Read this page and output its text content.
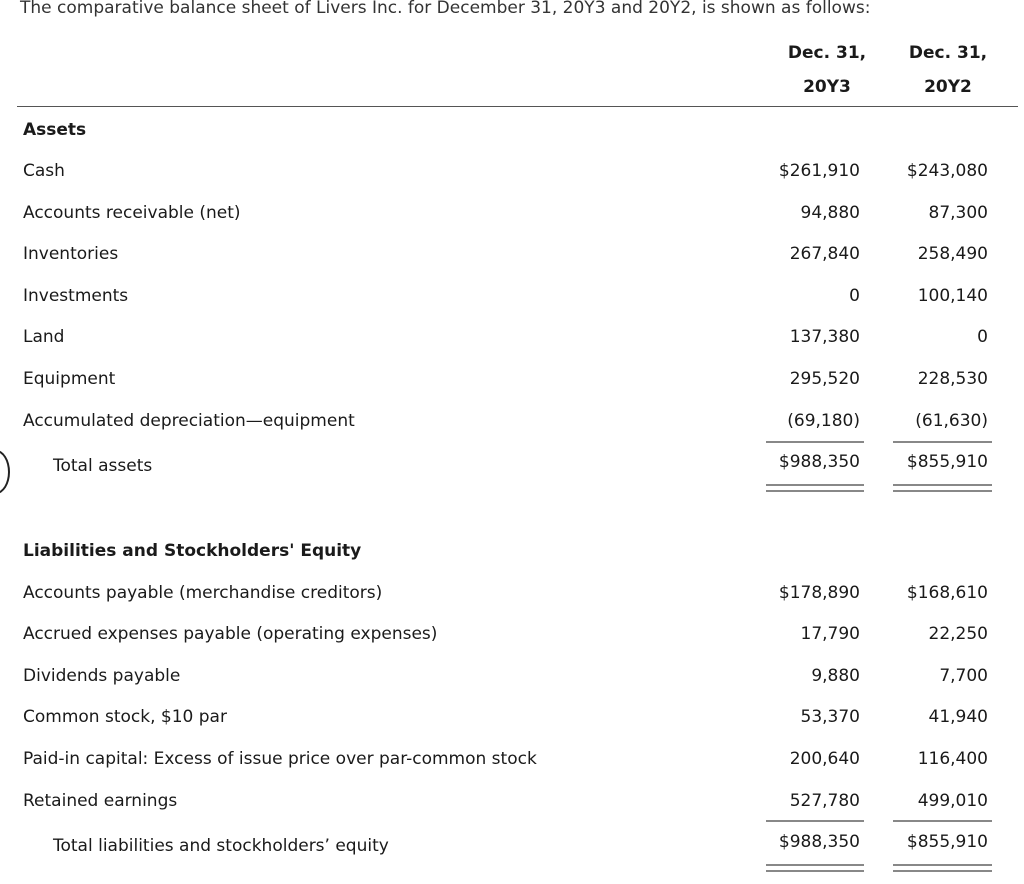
The comparative balance sheet of Livers Inc. for December 31, 20Y3 and 20Y2, is shown as follows:
Dec. 31,
20Y3
Dec. 31,
20Y2
Assets
Cash	$261,910	$243,080
Accounts receivable (net)	94,880	87,300
Inventories	267,840	258,490
Investments	0	100,140
Land	137,380	0
Equipment	295,520	228,530
Accumulated depreciation—equipment	(69,180)	(61,630)
Total assets	$988,350	$855,910
Liabilities and Stockholders' Equity
Accounts payable (merchandise creditors)	$178,890	$168,610
Accrued expenses payable (operating expenses)	17,790	22,250
Dividends payable	9,880	7,700
Common stock, $10 par	53,370	41,940
Paid-in capital: Excess of issue price over par-common stock	200,640	116,400
Retained earnings	527,780	499,010
Total liabilities and stockholders’ equity	$988,350	$855,910
